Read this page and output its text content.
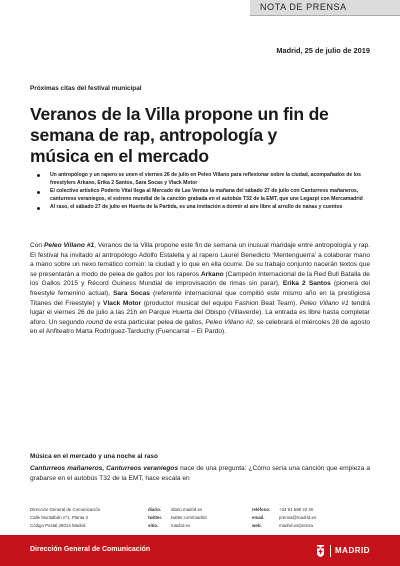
NOTA DE PRENSA
Madrid, 25 de julio de 2019
Próximas citas del festival municipal
Veranos de la Villa propone un fin de semana de rap, antropología y música en el mercado
Un antropólogo y un rapero se unen el viernes 26 de julio en Peleo Villano para reflexionar sobre la ciudad, acompañados de los freestylers Arkano, Erika 2 Santos, Sara Socas y Vlack Motor
El colectivo artístico Poderío Vital llega al Mercado de Las Ventas la mañana del sábado 27 de julio con Canturreos mañaneros, canturreos veraniegos, el estreno mundial de la canción grabada en el autobús T32 de la EMT, que une Legazpi con Mercamadrid
Al raso, el sábado 27 de julio en Huerta de la Partida, es una invitación a dormir al aire libre al arrullo de nanas y cuentos

Con Peleo Villano #1, Veranos de la Villa propone este fin de semana un inusual maridaje entre antropología y rap. El festival ha invitado al antropólogo Adolfo Estalella y al rapero Laurel Benedicto ‘Mentenguerra’ a colaborar mano a mano sobre un nexo temático común: la ciudad y lo que en ella ocurre. De su trabajo conjunto nacerán textos que se presentarán a modo de pelea de gallos por los raperos Arkano (Campeón Internacional de la Red Bull Batalla de los Gallos 2015 y Récord Guiness Mundial de improvisación de rimas sin parar), Erika 2 Santos (pionera del freestyle femenino actual), Sara Socas (referente internacional que compitió este mismo año en la prestigiosa Titanes del Freestyle) y Vlack Motor (productor musical del equipo Fashion Beat Team). Peleo Villano #1 tendrá lugar el viernes 26 de julio a las 21h en Parque Huerta del Obispo (Villaverde). La entrada es libre hasta completar aforo. Un segundo round de esta particular pelea de gallos, Peleo Villano #2, se celebrará el miércoles 28 de agosto en el Anfiteatro Marta Rodríguez-Tarduchy (Fuencarral – El Pardo).

Música en el mercado y una noche al raso

Canturreos mañaneros, Canturreos veraniegos nace de una pregunta: ¿Cómo sería una canción que empieza a grabarse en el autobús T32 de la EMT, hace escala en

Dirección General de Comunicación
Calle Montalbán nº1. Planta 3
Código Postal 28014 Madrid
diario.
twitter.
sitio.
diario.madrid.es
twitter.com/madrid
madrid.es
teléfono.
email.
web.
+34 91 588 22 40
prensa@madrid.es
madrid.es/prensa
Dirección General de Comunicación	MADRID
